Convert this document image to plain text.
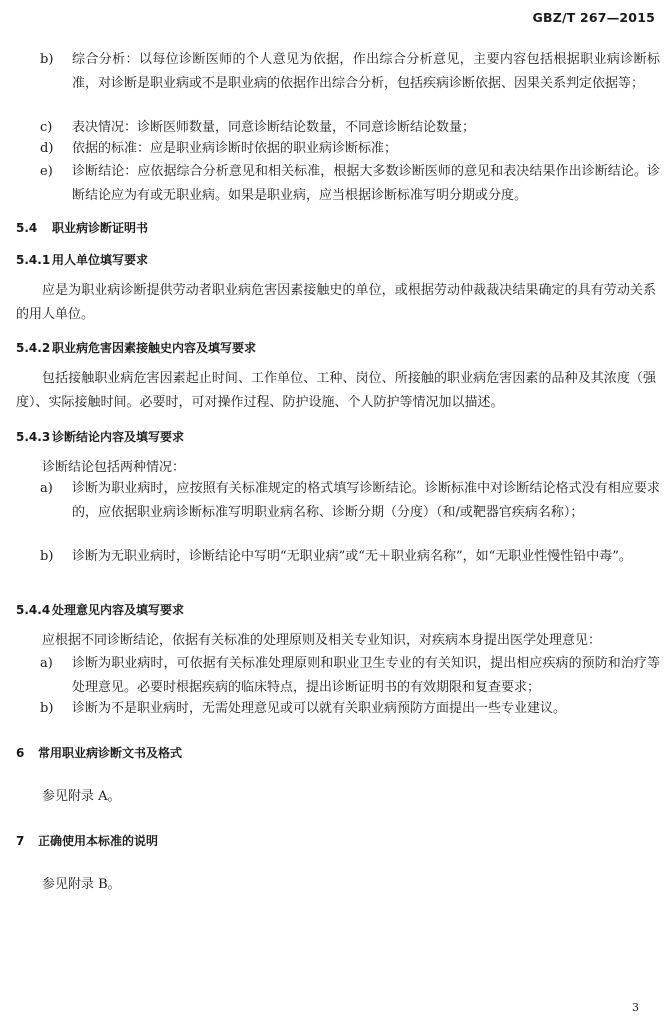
GBZ/T 267—2015
b) 综合分析：以每位诊断医师的个人意见为依据，作出综合分析意见，主要内容包括根据职业病诊断标准，对诊断是职业病或不是职业病的依据作出综合分析，包括疾病诊断依据、因果关系判定依据等；
c) 表决情况：诊断医师数量，同意诊断结论数量，不同意诊断结论数量；
d) 依据的标准：应是职业病诊断时依据的职业病诊断标准；
e) 诊断结论：应依据综合分析意见和相关标准，根据大多数诊断医师的意见和表决结果作出诊断结论。诊断结论应为有或无职业病。如果是职业病，应当根据诊断标准写明分期或分度。
5.4 职业病诊断证明书
5.4.1 用人单位填写要求
应是为职业病诊断提供劳动者职业病危害因素接触史的单位，或根据劳动仲裁裁决结果确定的具有劳动关系的用人单位。
5.4.2 职业病危害因素接触史内容及填写要求
包括接触职业病危害因素起止时间、工作单位、工种、岗位、所接触的职业病危害因素的品种及其浓度（强度）、实际接触时间。必要时，可对操作过程、防护设施、个人防护等情况加以描述。
5.4.3 诊断结论内容及填写要求
诊断结论包括两种情况：
a) 诊断为职业病时，应按照有关标准规定的格式填写诊断结论。诊断标准中对诊断结论格式没有相应要求的，应依据职业病诊断标准写明职业病名称、诊断分期（分度）（和/或靶器官疾病名称）；
b) 诊断为无职业病时，诊断结论中写明“无职业病”或“无＋职业病名称”，如“无职业性慢性铅中毒”。
5.4.4 处理意见内容及填写要求
应根据不同诊断结论，依据有关标准的处理原则及相关专业知识，对疾病本身提出医学处理意见：
a) 诊断为职业病时，可依据有关标准处理原则和职业卫生专业的有关知识，提出相应疾病的预防和治疗等处理意见。必要时根据疾病的临床特点，提出诊断证明书的有效期限和复查要求；
b) 诊断为不是职业病时，无需处理意见或可以就有关职业病预防方面提出一些专业建议。
6 常用职业病诊断文书及格式
参见附录 A。
7 正确使用本标准的说明
参见附录 B。
3
